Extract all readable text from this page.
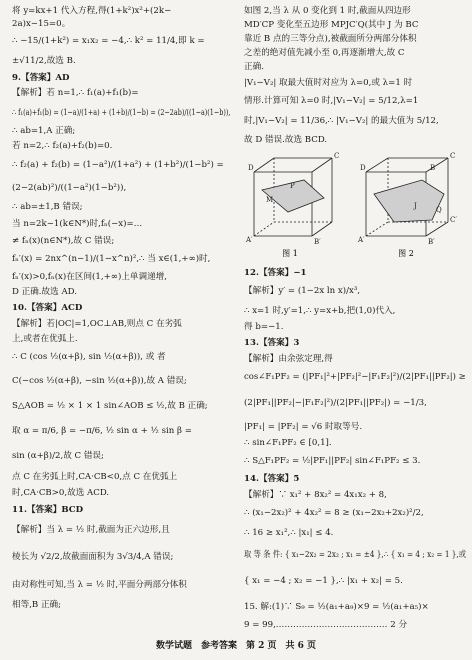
将 y=kx+1 代入方程,得(1+k²)x²+(2k−
2a)x−15=0。
∴ −15/(1+k²) = x₁x₂ = −4,∴ k² = 11/4,即 k =
±√11/2,故选 B.
9.【答案】AD
【解析】若 n=1,∴ f₁(a)+f₁(b)=
∴ f₁(a)+f₁(b) = (1−a)/(1+a) + (1+b)/(1−b) = (2−2ab)/((1−a)(1−b)),
∴ ab=1,A 正确;
若 n=2,∴ f₂(a)+f₂(b)=0.
∴ f₂(a) + f₂(b) = (1−a²)/(1+a²) + (1+b²)/(1−b²) =
(2−2(ab)²)/((1−a²)(1−b²)),
∴ ab=±1,B 错误;
当 n=2k−1(k∈N*)时,fₙ(−x)=…
≠ fₙ(x)(n∈N*),故 C 错误;
fₙ′(x) = 2nx^(n−1)/(1−x^n)²,∴ 当 x∈(1,+∞)时,
fₙ′(x)>0,fₙ(x)在区间(1,+∞)上单调递增,
D 正确.故选 AD.
10.【答案】ACD
【解析】若|OC|=1,OC⊥AB,则点 C 在劣弧
上,或者在优弧上.
∴ C (cos ½(α+β), sin ½(α+β)), 或 者
C(−cos ½(α+β), −sin ½(α+β)),故 A 错误;
S△AOB = ½ × 1 × 1 sin∠AOB ≤ ½,故 B 正确;
取 α = π/6, β = −π/6, ½ sin α + ½ sin β =
sin (α+β)/2,故 C 错误;
点 C 在劣弧上时,CA·CB<0,点 C 在优弧上
时,CA·CB>0,故选 ACD.
11.【答案】BCD
【解析】当 λ = ½ 时,截面为正六边形,且
棱长为 √2/2,故截面面积为 3√3/4,A 错误;
由对称性可知,当 λ = ½ 时,平面分两部分体积
相等,B 正确;
如图 2,当 λ 从 0 变化到 1 时,截面从四边形
MD′CP 变化至五边形 MPJC′Q(其中 J 为 BC
靠近 B 点的三等分点),被截面所分两部分体积
之差的绝对值先减小至 0,再逐渐增大,故 C
正确.
|V₁−V₂| 取最大值时对应为 λ=0,或 λ=1 时
情形.计算可知 λ=0 时,|V₁−V₂| = 5/12,λ=1
时,|V₁−V₂| = 11/36,∴ |V₁−V₂| 的最大值为 5/12,
故 D 错误.故选 BCD.
D
C
A′	B′
P
M
D
C
B
C′
A′	B′
J	Q
图 1	图 2
12.【答案】−1
【解析】y′ = (1−2x ln x)/x³,
∴ x=1 时,y′=1,∴ y=x+b,把(1,0)代入,
得 b=−1.
13.【答案】3
【解析】由余弦定理,得
cos∠F₁PF₂ = (|PF₁|²+|PF₂|²−|F₁F₂|²)/(2|PF₁||PF₂|) ≥
(2|PF₁||PF₂|−|F₁F₂|²)/(2|PF₁||PF₂|) = −1/3,
|PF₁| = |PF₂| = √6 时取等号.
∴ sin∠F₁PF₂ ∈ [0,1].
∴ S△F₁PF₂ = ½|PF₁||PF₂| sin∠F₁PF₂ ≤ 3.
14.【答案】5
【解析】∵ x₁² + 8x₂² = 4x₁x₂ + 8,
∴ (x₁−2x₂)² + 4x₂² = 8 ≥ (x₁−2x₂+2x₂)²/2,
∴ 16 ≥ x₁²,∴ |x₁| ≤ 4.
取 等 条 件: { x₁−2x₂ = 2x₂ ; x₁ = ±4 },∴ { x₁ = 4 ; x₂ = 1 },或
{ x₁ = −4 ; x₂ = −1 },∴ |x₁ + x₂| = 5.
15. 解:(1)∵ S₉ = ½(a₁+a₉)×9 = ½(a₁+a₅)×
9 = 99,………………………………… 2 分
数学试题　参考答案　第 2 页　共 6 页
